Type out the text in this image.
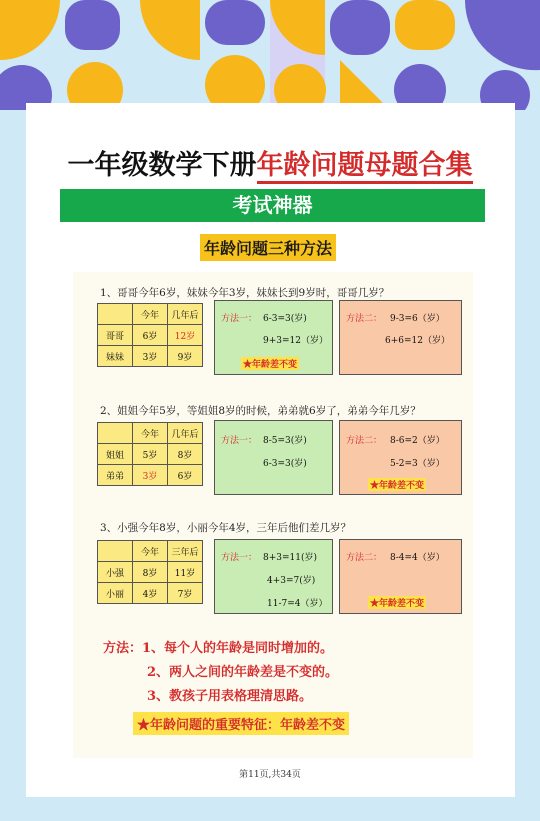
一年级数学下册年龄问题母题合集
考试神器
年龄问题三种方法
1、哥哥今年6岁，妹妹今年3岁，妹妹长到9岁时，哥哥几岁？
	今年	几年后
哥哥	6岁	12岁
妹妹	3岁	9岁
方法一： 6-3=3(岁)
9+3=12（岁）
★年龄差不变
方法二： 9-3=6（岁）
6+6=12（岁）
2、姐姐今年5岁，等姐姐8岁的时候，弟弟就6岁了，弟弟今年几岁？
	今年	几年后
姐姐	5岁	8岁
弟弟	3岁	6岁
方法一： 8-5=3(岁)
6-3=3(岁)
方法二： 8-6=2（岁）
5-2=3（岁）
★年龄差不变
3、小强今年8岁，小丽今年4岁，三年后他们差几岁？
	今年	三年后
小强	8岁	11岁
小丽	4岁	7岁
方法一： 8+3=11(岁)
4+3=7(岁)
11-7=4（岁）
方法二： 8-4=4（岁）
★年龄差不变
方法：1、每个人的年龄是同时增加的。
2、两人之间的年龄差是不变的。
3、教孩子用表格理清思路。
★年龄问题的重要特征：年龄差不变
第11页,共34页
